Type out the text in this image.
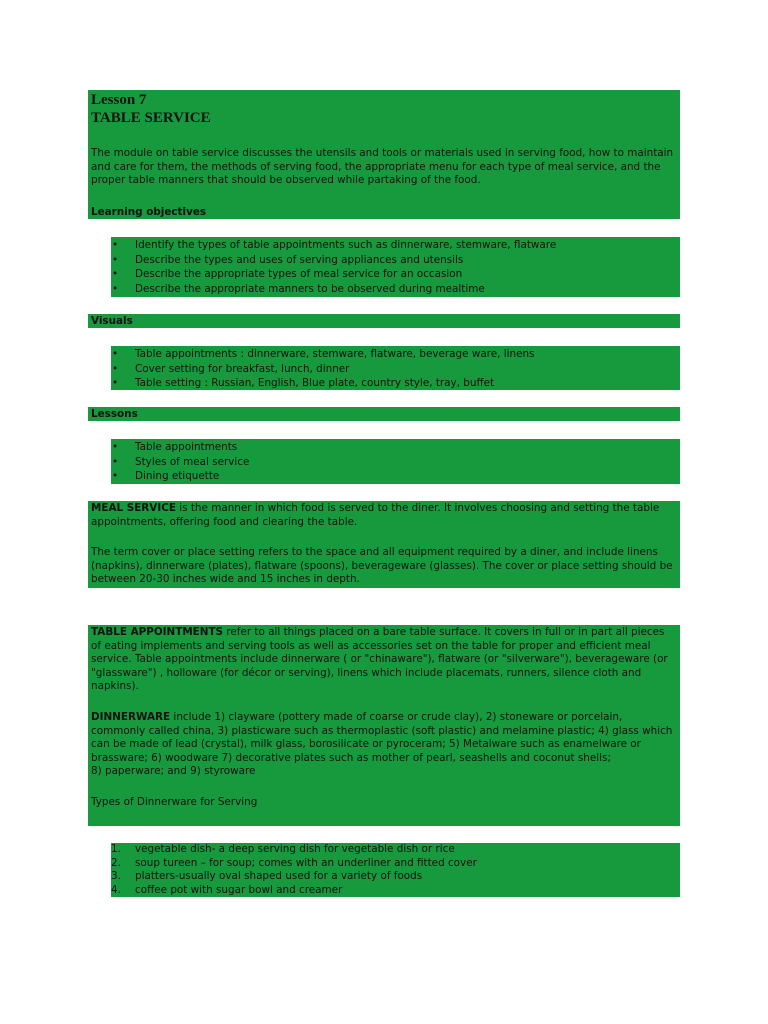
Lesson 7
TABLE SERVICE

The module on table service discusses the utensils and tools or materials used in serving food, how to maintain and care for them, the methods of serving food, the appropriate menu for each type of meal service, and the proper table manners that should be observed while partaking of the food.

Learning objectives
• Identify the types of table appointments such as dinnerware, stemware, flatware
• Describe the types and uses of serving appliances and utensils
• Describe the appropriate types of meal service for an occasion
• Describe the appropriate manners to be observed during mealtime
Visuals
• Table appointments : dinnerware, stemware, flatware, beverage ware, linens
• Cover setting for breakfast, lunch, dinner
• Table setting : Russian, English, Blue plate, country style, tray, buffet
Lessons
• Table appointments
• Styles of meal service
• Dining etiquette

MEAL SERVICE is the manner in which food is served to the diner. It involves choosing and setting the table appointments, offering food and clearing the table.

The term cover or place setting refers to the space and all equipment required by a diner, and include linens (napkins), dinnerware (plates), flatware (spoons), beverageware (glasses). The cover or place setting should be between 20-30 inches wide and 15 inches in depth.

TABLE APPOINTMENTS refer to all things placed on a bare table surface. It covers in full or in part all pieces of eating implements and serving tools as well as accessories set on the table for proper and efficient meal service. Table appointments include dinnerware ( or "chinaware"), flatware (or "silverware"), beverageware (or "glassware") , holloware (for décor or serving), linens which include placemats, runners, silence cloth and napkins).

DINNERWARE include 1) clayware (pottery made of coarse or crude clay), 2) stoneware or porcelain, commonly called china, 3) plasticware such as thermoplastic (soft plastic) and melamine plastic; 4) glass which can be made of lead (crystal), milk glass, borosilicate or pyroceram; 5) Metalware such as enamelware or brassware; 6) woodware 7) decorative plates such as mother of pearl, seashells and coconut shells;

8) paperware; and 9) styroware

Types of Dinnerware for Serving

1. vegetable dish- a deep serving dish for vegetable dish or rice
2. soup tureen – for soup; comes with an underliner and fitted cover
3. platters-usually oval shaped used for a variety of foods
4. coffee pot with sugar bowl and creamer
